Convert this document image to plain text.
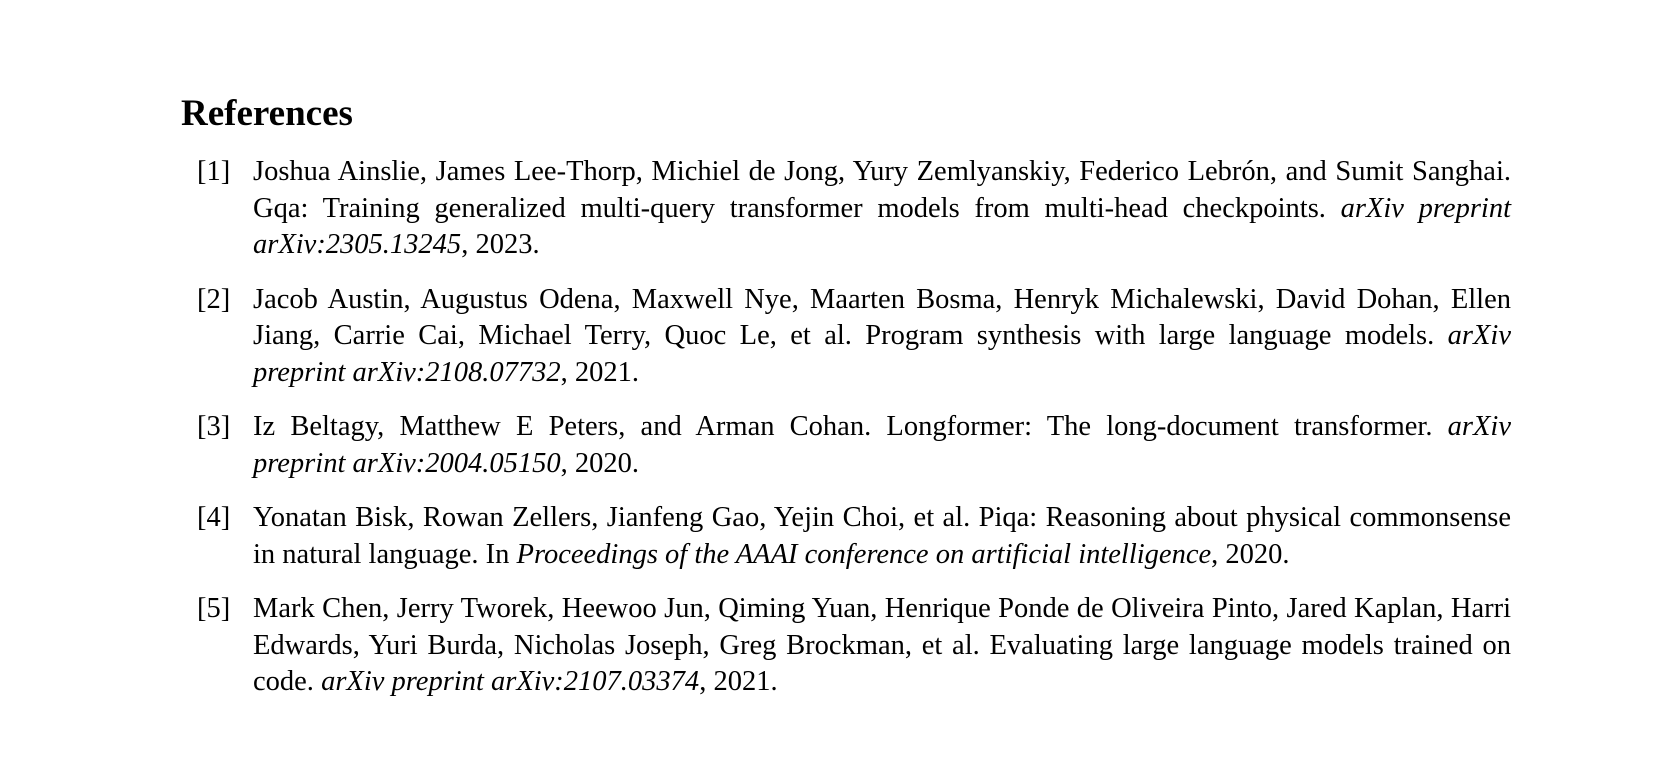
References
[1] Joshua Ainslie, James Lee-Thorp, Michiel de Jong, Yury Zemlyanskiy, Federico Lebrón, and Sumit Sanghai. Gqa: Training generalized multi-query transformer models from multi-head checkpoints. arXiv preprint arXiv:2305.13245, 2023.
[2] Jacob Austin, Augustus Odena, Maxwell Nye, Maarten Bosma, Henryk Michalewski, David Dohan, Ellen Jiang, Carrie Cai, Michael Terry, Quoc Le, et al. Program synthesis with large language models. arXiv preprint arXiv:2108.07732, 2021.
[3] Iz Beltagy, Matthew E Peters, and Arman Cohan. Longformer: The long-document transformer. arXiv preprint arXiv:2004.05150, 2020.
[4] Yonatan Bisk, Rowan Zellers, Jianfeng Gao, Yejin Choi, et al. Piqa: Reasoning about physical commonsense in natural language. In Proceedings of the AAAI conference on artificial intelligence, 2020.
[5] Mark Chen, Jerry Tworek, Heewoo Jun, Qiming Yuan, Henrique Ponde de Oliveira Pinto, Jared Kaplan, Harri Edwards, Yuri Burda, Nicholas Joseph, Greg Brockman, et al. Evaluating large language models trained on code. arXiv preprint arXiv:2107.03374, 2021.
